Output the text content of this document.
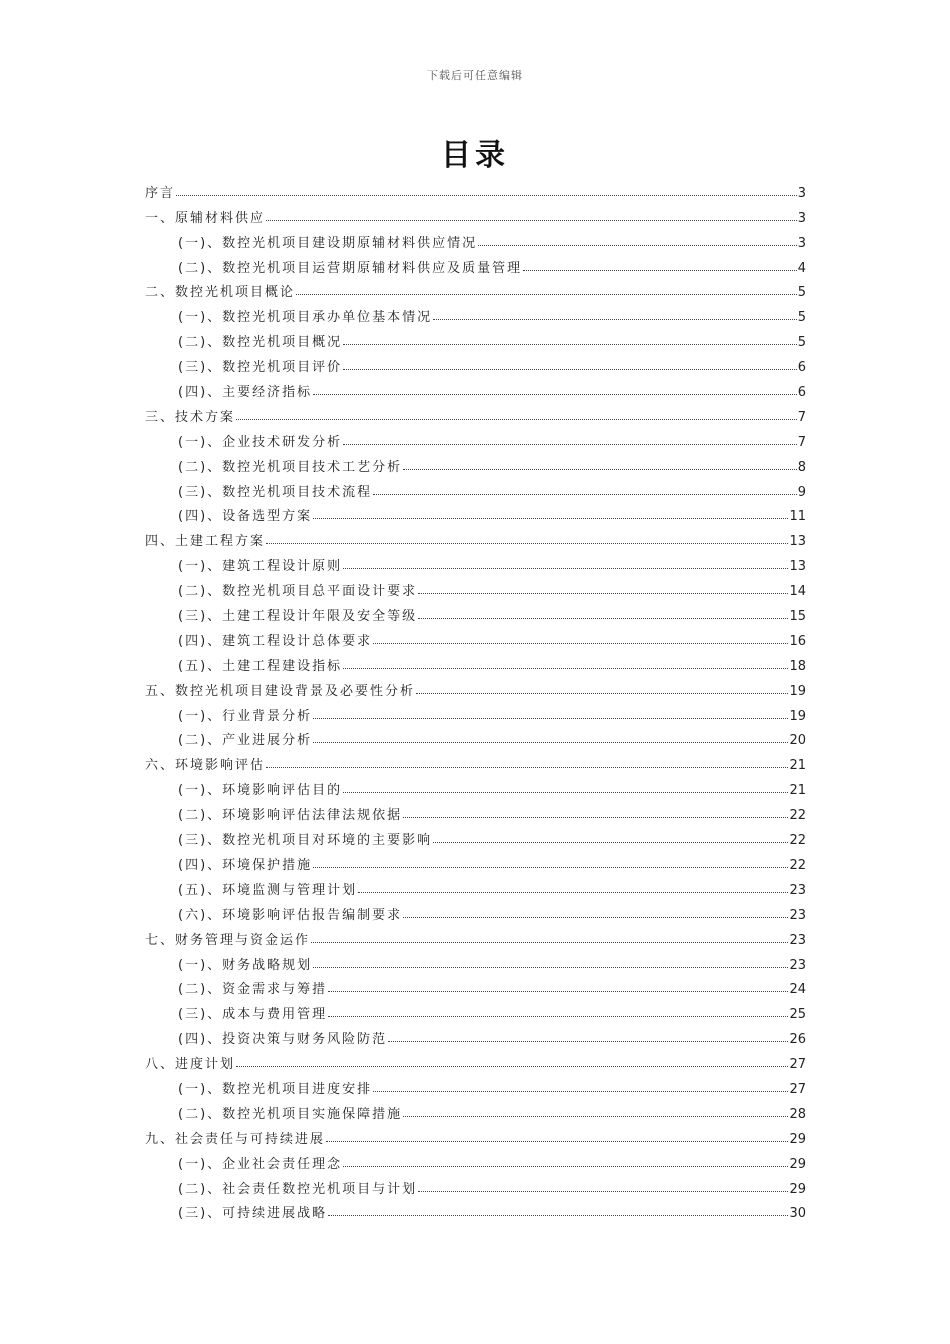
下载后可任意编辑
目录
序言	3
一、原辅材料供应	3
(一)、数控光机项目建设期原辅材料供应情况	3
(二)、数控光机项目运营期原辅材料供应及质量管理	4
二、数控光机项目概论	5
(一)、数控光机项目承办单位基本情况	5
(二)、数控光机项目概况	5
(三)、数控光机项目评价	6
(四)、主要经济指标	6
三、技术方案	7
(一)、企业技术研发分析	7
(二)、数控光机项目技术工艺分析	8
(三)、数控光机项目技术流程	9
(四)、设备选型方案	11
四、土建工程方案	13
(一)、建筑工程设计原则	13
(二)、数控光机项目总平面设计要求	14
(三)、土建工程设计年限及安全等级	15
(四)、建筑工程设计总体要求	16
(五)、土建工程建设指标	18
五、数控光机项目建设背景及必要性分析	19
(一)、行业背景分析	19
(二)、产业进展分析	20
六、环境影响评估	21
(一)、环境影响评估目的	21
(二)、环境影响评估法律法规依据	22
(三)、数控光机项目对环境的主要影响	22
(四)、环境保护措施	22
(五)、环境监测与管理计划	23
(六)、环境影响评估报告编制要求	23
七、财务管理与资金运作	23
(一)、财务战略规划	23
(二)、资金需求与筹措	24
(三)、成本与费用管理	25
(四)、投资决策与财务风险防范	26
八、进度计划	27
(一)、数控光机项目进度安排	27
(二)、数控光机项目实施保障措施	28
九、社会责任与可持续进展	29
(一)、企业社会责任理念	29
(二)、社会责任数控光机项目与计划	29
(三)、可持续进展战略	30
